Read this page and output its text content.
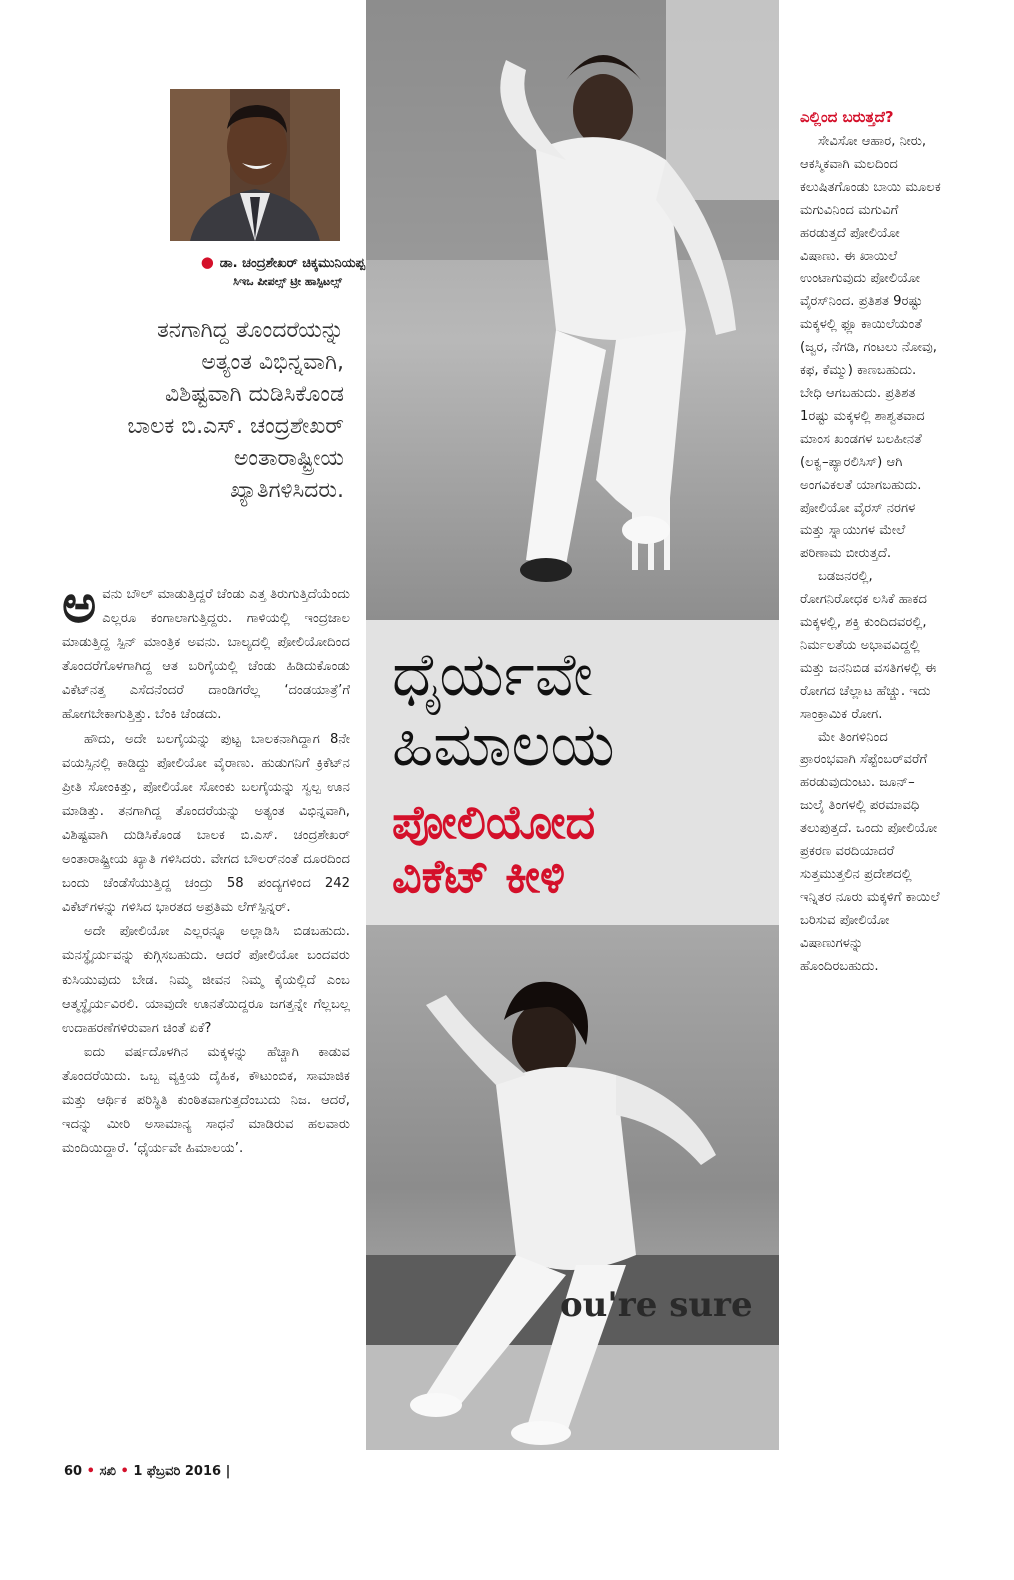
● ಡಾ. ಚಂದ್ರಶೇಖರ್ ಚಿಕ್ಕಮುನಿಯಪ್ಪ
ಸಿಇಒ ಪೀಪಲ್ಸ್ ಟ್ರೀ ಹಾಸ್ಪಿಟಲ್ಸ್

ತನಗಾಗಿದ್ದ ತೊಂದರೆಯನ್ನು

ಅತ್ಯಂತ ವಿಭಿನ್ನವಾಗಿ,

ವಿಶಿಷ್ಟವಾಗಿ ದುಡಿಸಿಕೊಂಡ

ಬಾಲಕ ಬಿ.ಎಸ್. ಚಂದ್ರಶೇಖರ್

ಅಂತಾರಾಷ್ಟ್ರೀಯ

ಖ್ಯಾತಿಗಳಿಸಿದರು.

ಅವನು ಬೌಲ್ ಮಾಡುತ್ತಿದ್ದರೆ ಚೆಂಡು ಎತ್ತ ತಿರುಗುತ್ತಿದೆಯೆಂದು ಎಲ್ಲರೂ ಕಂಗಾಲಾಗುತ್ತಿದ್ದರು. ಗಾಳಿಯಲ್ಲಿ ಇಂದ್ರಜಾಲ ಮಾಡುತ್ತಿದ್ದ ಸ್ಪಿನ್ ಮಾಂತ್ರಿಕ ಅವನು. ಬಾಲ್ಯದಲ್ಲಿ ಪೋಲಿಯೋದಿಂದ ತೊಂದರೆಗೊಳಗಾಗಿದ್ದ ಆತ ಬರಿಗೈಯಲ್ಲಿ ಚೆಂಡು ಹಿಡಿದುಕೊಂಡು ವಿಕೆಟ್‌ನತ್ತ ಎಸೆದನೆಂದರೆ ದಾಂಡಿಗರೆಲ್ಲ ‘ದಂಡಯಾತ್ರೆ’ಗೆ ಹೋಗಬೇಕಾಗುತ್ತಿತ್ತು. ಬೆಂಕಿ ಚೆಂಡದು.

ಹೌದು, ಅದೇ ಬಲಗೈಯನ್ನು ಪುಟ್ಟ ಬಾಲಕನಾಗಿದ್ದಾಗ 8ನೇ ವಯಸ್ಸಿನಲ್ಲಿ ಕಾಡಿದ್ದು ಪೋಲಿಯೋ ವೈರಾಣು. ಹುಡುಗನಿಗೆ ಕ್ರಿಕೆಟ್‌ನ ಪ್ರೀತಿ ಸೋಂಕಿತ್ತು, ಪೋಲಿಯೋ ಸೋಂಕು ಬಲಗೈಯನ್ನು ಸ್ವಲ್ಪ ಊನ ಮಾಡಿತ್ತು. ತನಗಾಗಿದ್ದ ತೊಂದರೆಯನ್ನು ಅತ್ಯಂತ ವಿಭಿನ್ನವಾಗಿ, ವಿಶಿಷ್ಟವಾಗಿ ದುಡಿಸಿಕೊಂಡ ಬಾಲಕ ಬಿ.ಎಸ್. ಚಂದ್ರಶೇಖರ್ ಅಂತಾರಾಷ್ಟ್ರೀಯ ಖ್ಯಾತಿ ಗಳಿಸಿದರು. ವೇಗದ ಬೌಲರ್‌ನಂತೆ ದೂರದಿಂದ ಬಂದು ಚೆಂಡೆಸೆಯುತ್ತಿದ್ದ ಚಂದ್ರು 58 ಪಂದ್ಯಗಳಿಂದ 242 ವಿಕೆಟ್‌ಗಳನ್ನು ಗಳಿಸಿದ ಭಾರತದ ಅಪ್ರತಿಮ ಲೆಗ್‌ಸ್ಪಿನ್ನರ್.

ಅದೇ ಪೋಲಿಯೋ ಎಲ್ಲರನ್ನೂ ಅಲ್ಲಾಡಿಸಿ ಬಿಡಬಹುದು. ಮನಸ್ಥೈರ್ಯವನ್ನು ಕುಗ್ಗಿಸಬಹುದು. ಆದರೆ ಪೋಲಿಯೋ ಬಂದವರು ಕುಸಿಯುವುದು ಬೇಡ. ನಿಮ್ಮ ಜೀವನ ನಿಮ್ಮ ಕೈಯಲ್ಲಿದೆ ಎಂಬ ಆತ್ಮಸ್ಥೈರ್ಯವಿರಲಿ. ಯಾವುದೇ ಊನತೆಯಿದ್ದರೂ ಜಗತ್ತನ್ನೇ ಗೆಲ್ಲಬಲ್ಲ ಉದಾಹರಣೆಗಳಿರುವಾಗ ಚಿಂತೆ ಏಕೆ?

ಐದು ವರ್ಷದೊಳಗಿನ ಮಕ್ಕಳನ್ನು ಹೆಚ್ಚಾಗಿ ಕಾಡುವ ತೊಂದರೆಯಿದು. ಒಬ್ಬ ವ್ಯಕ್ತಿಯ ದೈಹಿಕ, ಕೌಟುಂಬಿಕ, ಸಾಮಾಜಿಕ ಮತ್ತು ಆರ್ಥಿಕ ಪರಿಸ್ಥಿತಿ ಕುಂಠಿತವಾಗುತ್ತದೆಂಬುದು ನಿಜ. ಆದರೆ, ಇದನ್ನು ಮೀರಿ ಅಸಾಮಾನ್ಯ ಸಾಧನೆ ಮಾಡಿರುವ ಹಲವಾರು ಮಂದಿಯಿದ್ದಾರೆ. ‘ಧೈರ್ಯವೇ ಹಿಮಾಲಯ’.

ಧೈರ್ಯವೇ
ಹಿಮಾಲಯ
ಪೋಲಿಯೋದ
ವಿಕೆಟ್ ಕೀಳಿ
ou're sure
ಎಲ್ಲಿಂದ ಬರುತ್ತದೆ?

ಸೇವಿಸೋ ಆಹಾರ, ನೀರು, ಆಕಸ್ಮಿಕವಾಗಿ ಮಲದಿಂದ ಕಲುಷಿತಗೊಂಡು ಬಾಯಿ ಮೂಲಕ ಮಗುವಿನಿಂದ ಮಗುವಿಗೆ ಹರಡುತ್ತದೆ ಪೋಲಿಯೋ ವಿಷಾಣು. ಈ ಖಾಯಿಲೆ ಉಂಟಾಗುವುದು ಪೋಲಿಯೋ ವೈರಸ್‌ನಿಂದ. ಪ್ರತಿಶತ 9ರಷ್ಟು ಮಕ್ಕಳಲ್ಲಿ ಫ್ಲೂ ಕಾಯಿಲೆಯಂತೆ (ಜ್ವರ, ನೆಗಡಿ, ಗಂಟಲು ನೋವು, ಕಫ, ಕೆಮ್ಮು) ಕಾಣಬಹುದು. ಬೇಧಿ ಆಗಬಹುದು. ಪ್ರತಿಶತ 1ರಷ್ಟು ಮಕ್ಕಳಲ್ಲಿ ಶಾಶ್ವತವಾದ ಮಾಂಸ ಖಂಡಗಳ ಬಲಹೀನತೆ (ಲಕ್ವ–ಪ್ಯಾರಲಿಸಿಸ್) ಆಗಿ ಅಂಗವಿಕಲತೆ ಯಾಗಬಹುದು. ಪೋಲಿಯೋ ವೈರಸ್ ನರಗಳ ಮತ್ತು ಸ್ನಾಯುಗಳ ಮೇಲೆ ಪರಿಣಾಮ ಬೀರುತ್ತದೆ.

ಬಡಜನರಲ್ಲಿ, ರೋಗನಿರೋಧಕ ಲಸಿಕೆ ಹಾಕದ ಮಕ್ಕಳಲ್ಲಿ, ಶಕ್ತಿ ಕುಂದಿದವರಲ್ಲಿ, ನಿರ್ಮಲತೆಯ ಅಭಾವವಿದ್ದಲ್ಲಿ ಮತ್ತು ಜನನಿಬಿಡ ವಸತಿಗಳಲ್ಲಿ ಈ ರೋಗದ ಚೆಲ್ಲಾಟ ಹೆಚ್ಚು. ಇದು ಸಾಂಕ್ರಾಮಿಕ ರೋಗ.

ಮೇ ತಿಂಗಳಿನಿಂದ ಪ್ರಾರಂಭವಾಗಿ ಸೆಪ್ಟೆಂಬರ್‌ವರೆಗೆ ಹರಡುವುದುಂಟು. ಜೂನ್– ಜುಲೈ ತಿಂಗಳಲ್ಲಿ ಪರಮಾವಧಿ ತಲುಪುತ್ತದೆ. ಒಂದು ಪೋಲಿಯೋ ಪ್ರಕರಣ ವರದಿಯಾದರೆ ಸುತ್ತಮುತ್ತಲಿನ ಪ್ರದೇಶದಲ್ಲಿ ಇನ್ನಿತರ ನೂರು ಮಕ್ಕಳಿಗೆ ಕಾಯಿಲೆ ಬರಿಸುವ ಪೋಲಿಯೋ ವಿಷಾಣುಗಳನ್ನು ಹೊಂದಿರಬಹುದು.

60 • ಸಖಿ • 1 ಫೆಬ್ರವರಿ 2016 |
